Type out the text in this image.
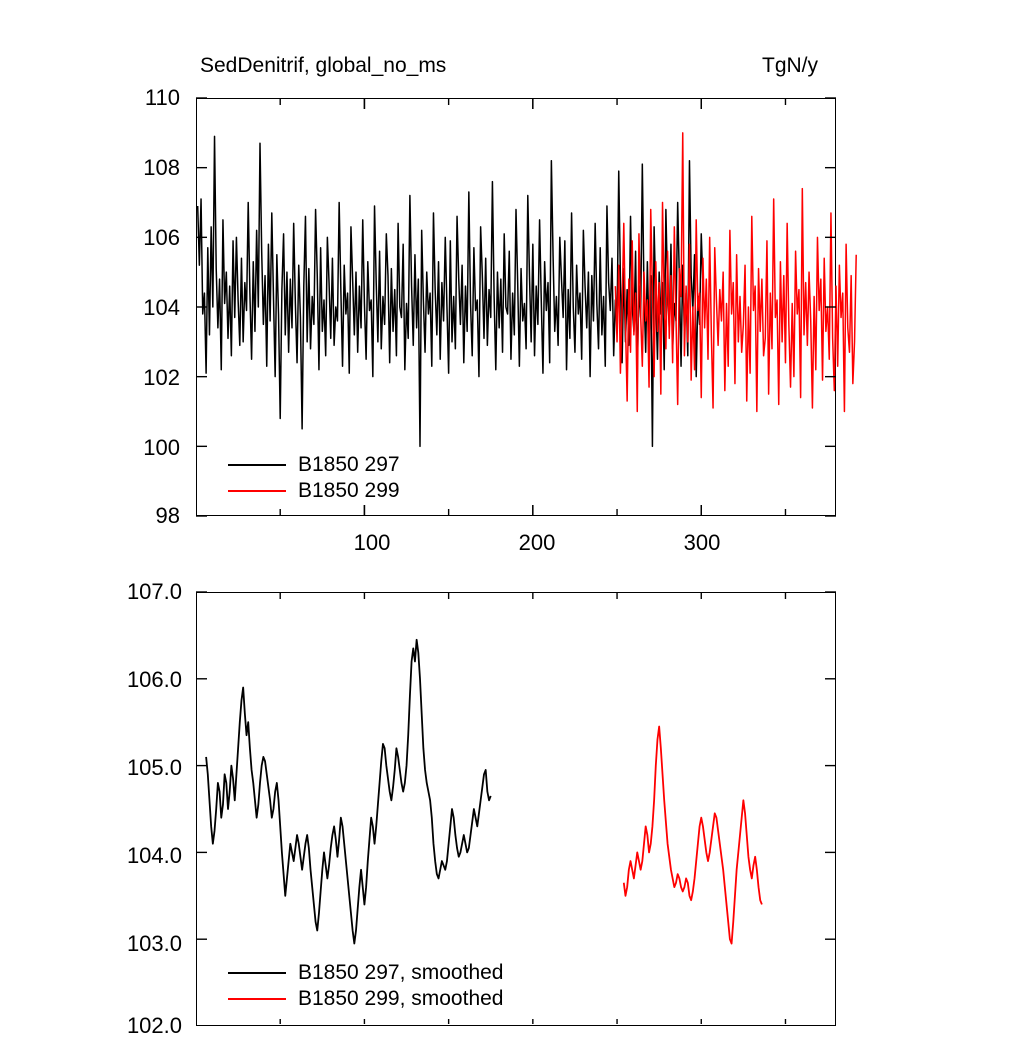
SedDenitrif, global_no_ms	TgN/y
110
108
106
104
102
100
98
100	200	300
B1850 297
B1850 299
107.0
106.0
105.0
104.0
103.0
102.0
B1850 297, smoothed
B1850 299, smoothed
